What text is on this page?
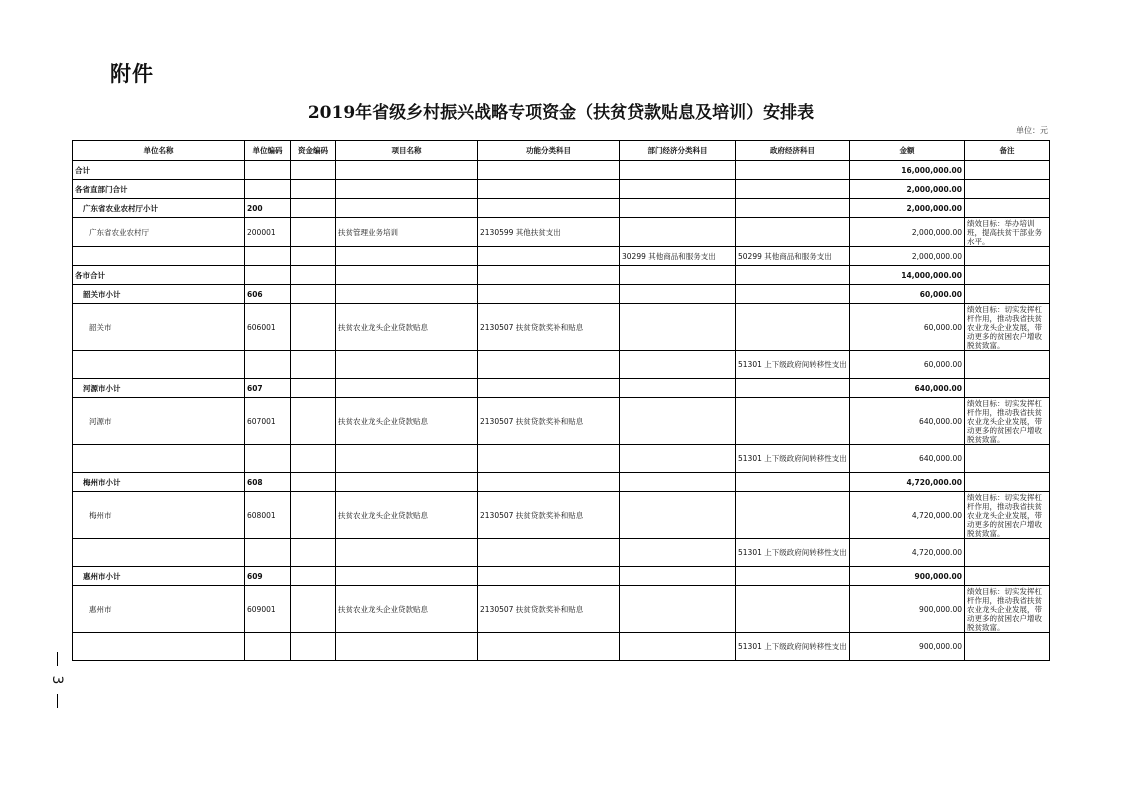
附件
2019年省级乡村振兴战略专项资金（扶贫贷款贴息及培训）安排表
单位：元
单位名称	单位编码	资金编码	项目名称	功能分类科目	部门经济分类科目	政府经济科目	金额	备注
合计							16,000,000.00	
各省直部门合计							2,000,000.00	
广东省农业农村厅小计	200						2,000,000.00	
广东省农业农村厅	200001		扶贫管理业务培训	2130599 其他扶贫支出			2,000,000.00	绩效目标：举办培训班，提高扶贫干部业务水平。
					30299 其他商品和服务支出	50299 其他商品和服务支出	2,000,000.00	
各市合计							14,000,000.00	
韶关市小计	606						60,000.00	
韶关市	606001		扶贫农业龙头企业贷款贴息	2130507 扶贫贷款奖补和贴息			60,000.00	绩效目标：切实发挥杠杆作用，推动我省扶贫农业龙头企业发展，带动更多的贫困农户增收脱贫致富。
						51301 上下级政府间转移性支出	60,000.00	
河源市小计	607						640,000.00	
河源市	607001		扶贫农业龙头企业贷款贴息	2130507 扶贫贷款奖补和贴息			640,000.00	绩效目标：切实发挥杠杆作用，推动我省扶贫农业龙头企业发展，带动更多的贫困农户增收脱贫致富。
						51301 上下级政府间转移性支出	640,000.00	
梅州市小计	608						4,720,000.00	
梅州市	608001		扶贫农业龙头企业贷款贴息	2130507 扶贫贷款奖补和贴息			4,720,000.00	绩效目标：切实发挥杠杆作用，推动我省扶贫农业龙头企业发展，带动更多的贫困农户增收脱贫致富。
						51301 上下级政府间转移性支出	4,720,000.00	
惠州市小计	609						900,000.00	
惠州市	609001		扶贫农业龙头企业贷款贴息	2130507 扶贫贷款奖补和贴息			900,000.00	绩效目标：切实发挥杠杆作用，推动我省扶贫农业龙头企业发展，带动更多的贫困农户增收脱贫致富。
						51301 上下级政府间转移性支出	900,000.00	
3
